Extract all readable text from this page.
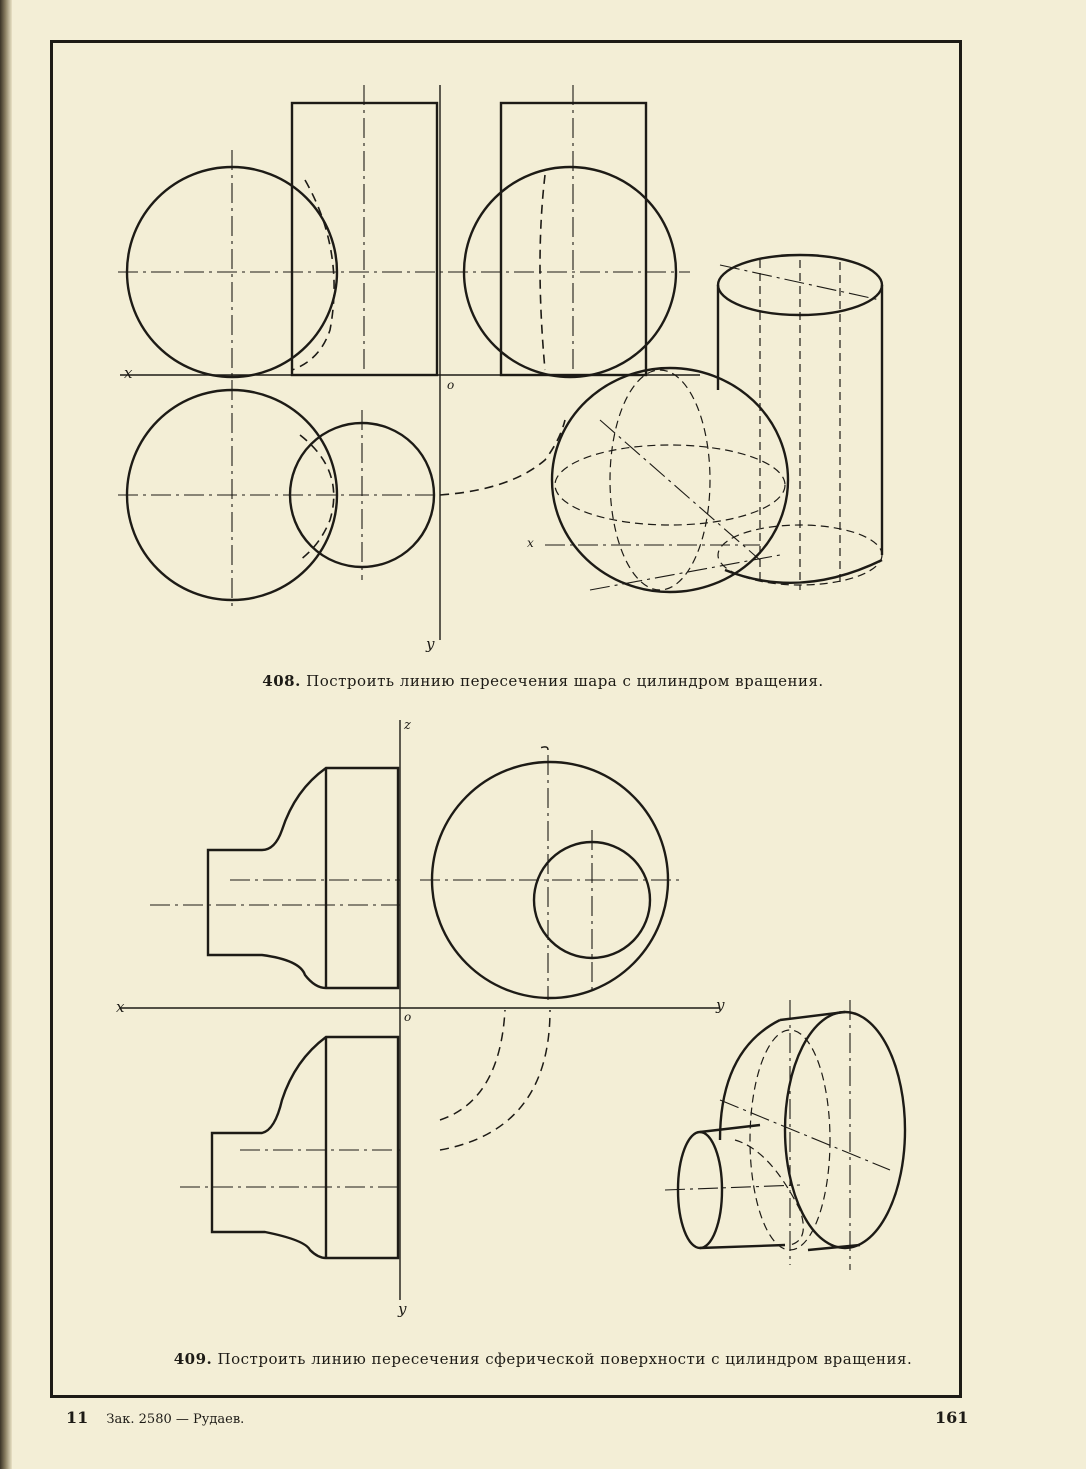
x
o
y
x
408. Построить линию пересечения шара с цилиндром вращения.
z
x
o
y
y
409. Построить линию пересечения сферической поверхности с цилиндром вращения.
11 Зак. 2580 — Рудаев.	161
